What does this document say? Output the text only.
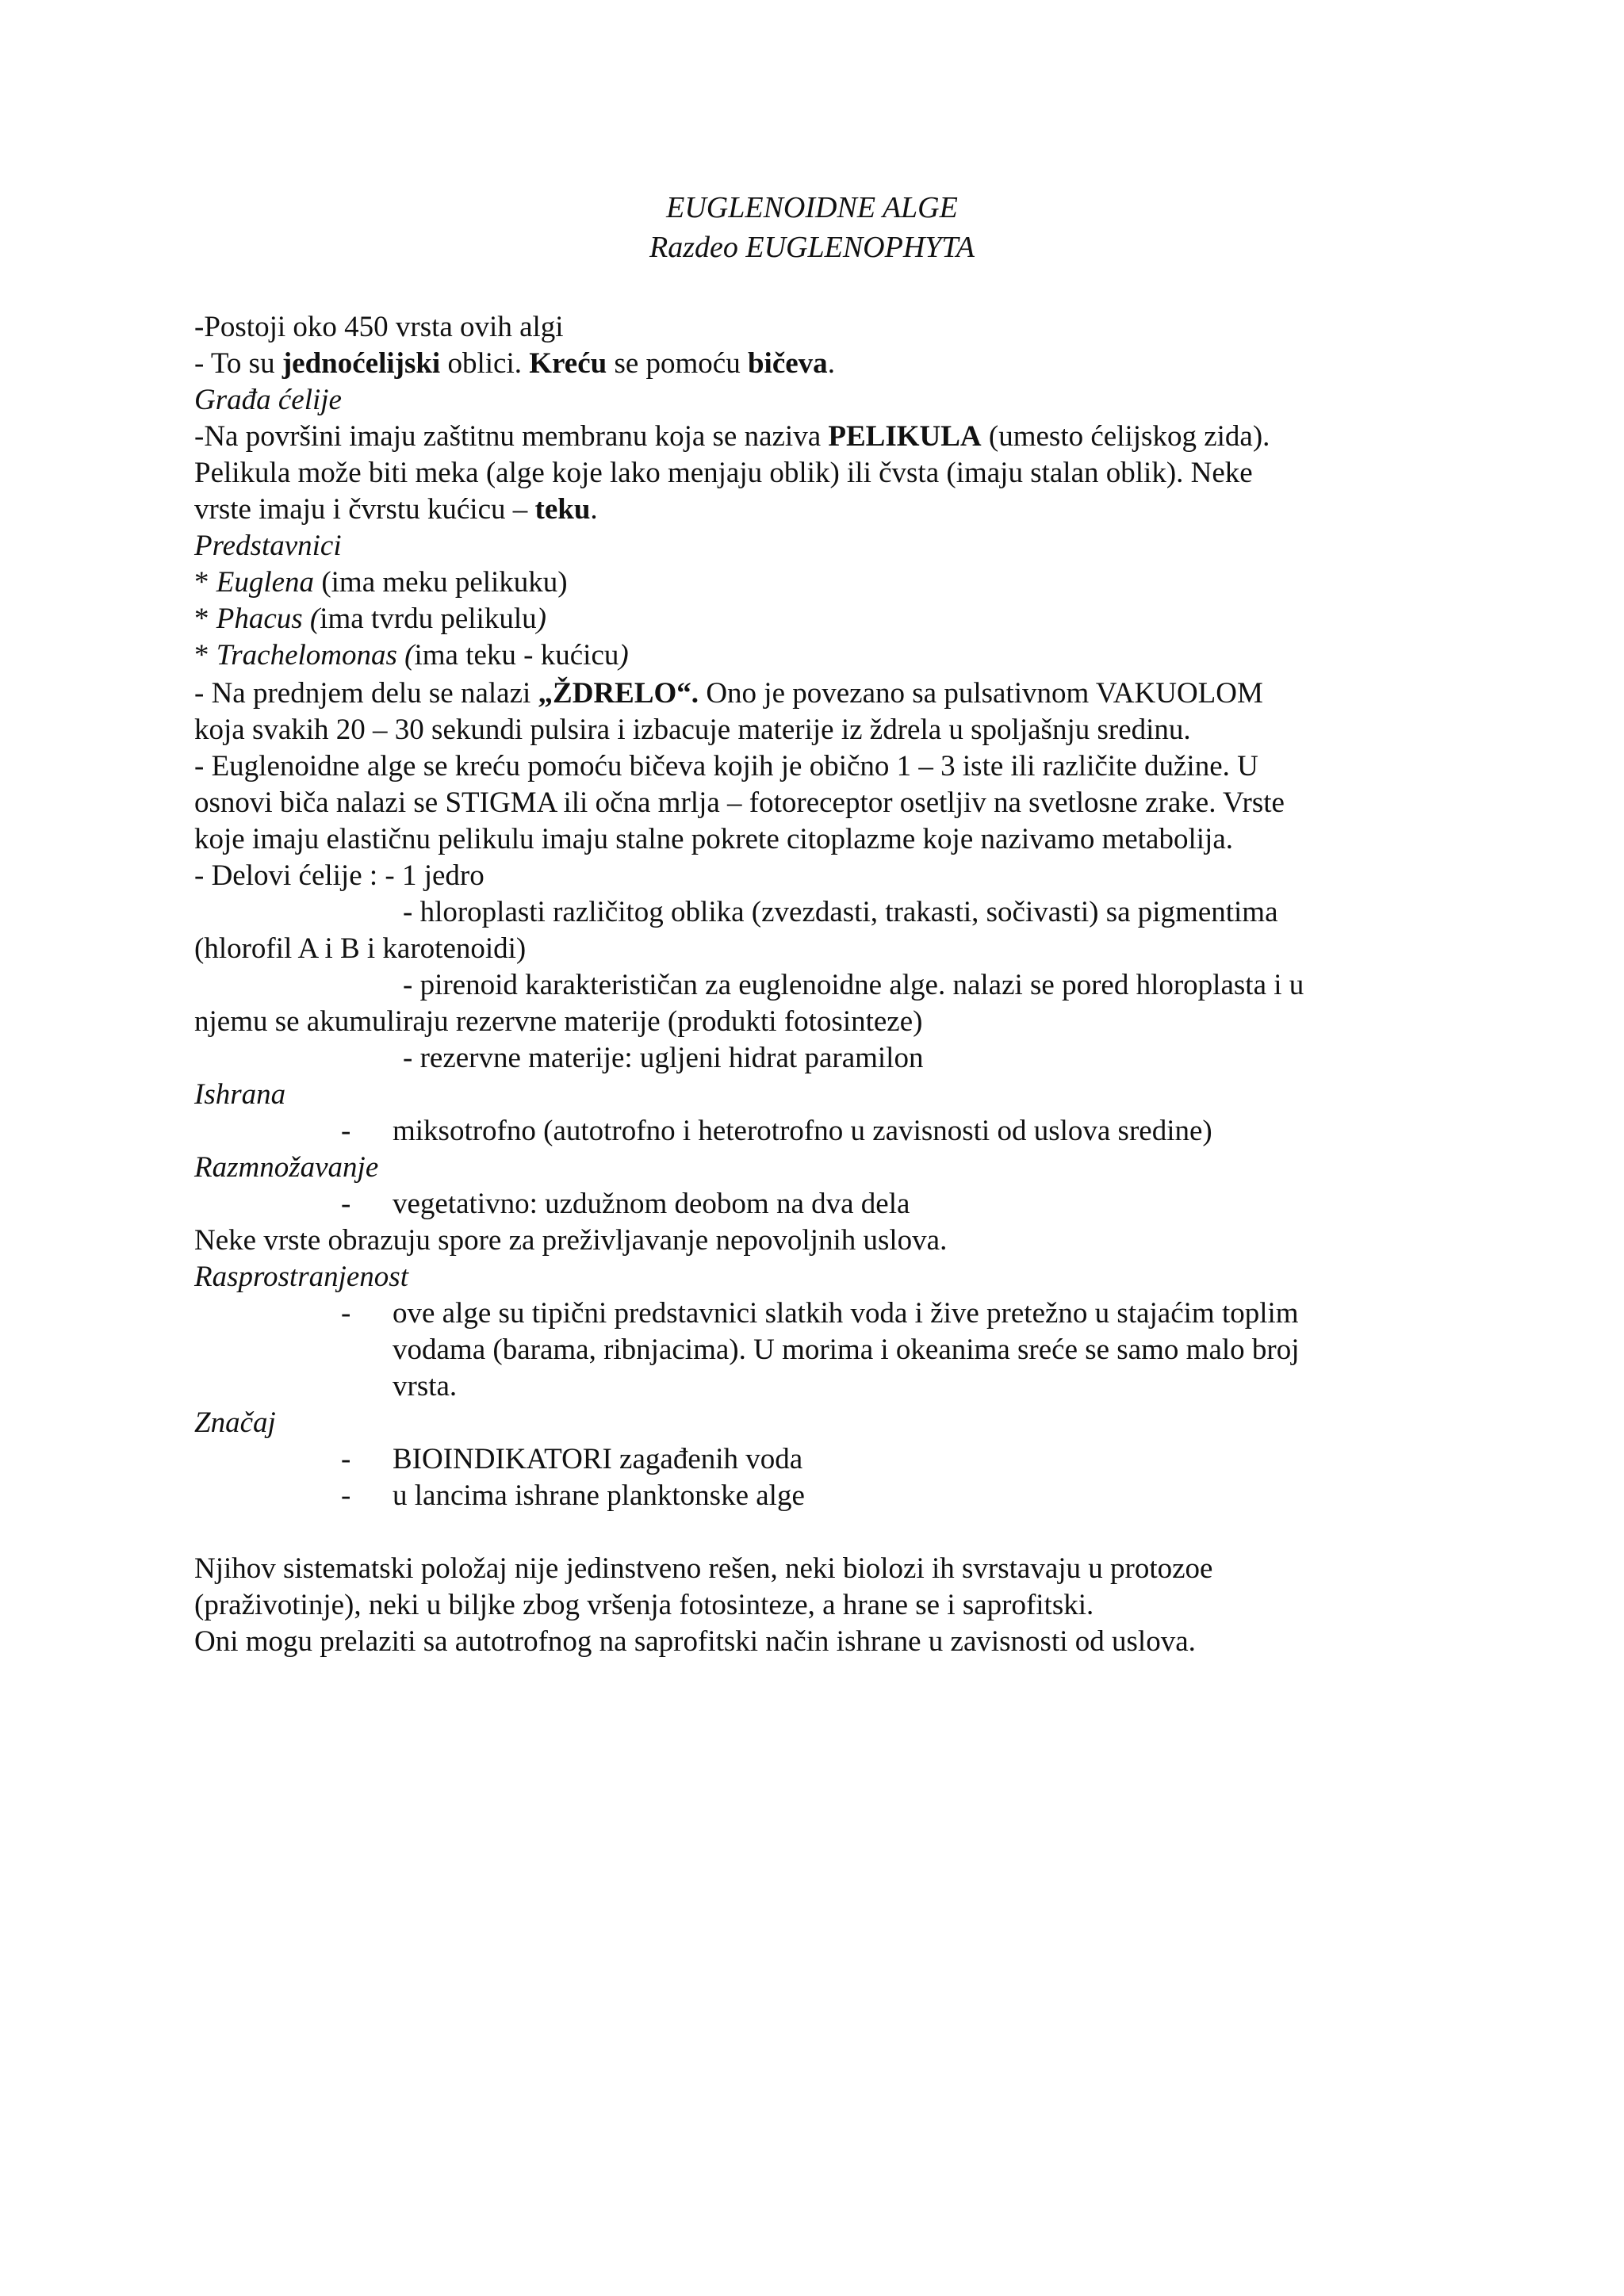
EUGLENOIDNE ALGE
Razdeo EUGLENOPHYTA
-Postoji oko 450 vrsta ovih algi
- To su jednoćelijski oblici. Kreću se pomoću bičeva.
Građa ćelije
-Na površini imaju zaštitnu membranu koja se naziva PELIKULA (umesto ćelijskog zida).
Pelikula može biti meka (alge koje lako menjaju oblik) ili čvsta (imaju stalan oblik). Neke
vrste imaju i čvrstu kućicu – teku.
Predstavnici
* Euglena (ima meku pelikuku)
* Phacus (ima tvrdu pelikulu)
* Trachelomonas (ima teku - kućicu)
- Na prednjem delu se nalazi „ŽDRELO“. Ono je povezano sa pulsativnom VAKUOLOM
koja svakih 20 – 30 sekundi pulsira i izbacuje materije iz ždrela u spoljašnju sredinu.
- Euglenoidne alge se kreću pomoću bičeva kojih je obično 1 – 3 iste ili različite dužine. U
osnovi biča nalazi se STIGMA ili očna mrlja – fotoreceptor osetljiv na svetlosne zrake. Vrste
koje imaju elastičnu pelikulu imaju stalne pokrete citoplazme koje nazivamo metabolija.
- Delovi ćelije : - 1 jedro
- hloroplasti različitog oblika (zvezdasti, trakasti, sočivasti) sa pigmentima
(hlorofil A i B i karotenoidi)
- pirenoid karakterističan za euglenoidne alge. nalazi se pored hloroplasta i u
njemu se akumuliraju rezervne materije (produkti fotosinteze)
- rezervne materije: ugljeni hidrat paramilon
Ishrana
- miksotrofno (autotrofno i heterotrofno u zavisnosti od uslova sredine)
Razmnožavanje
- vegetativno: uzdužnom deobom na dva dela
Neke vrste obrazuju spore za preživljavanje nepovoljnih uslova.
Rasprostranjenost
- ove alge su tipični predstavnici slatkih voda i žive pretežno u stajaćim toplim
vodama (barama, ribnjacima). U morima i okeanima sreće se samo malo broj
vrsta.
Značaj
- BIOINDIKATORI zagađenih voda
- u lancima ishrane planktonske alge
Njihov sistematski položaj nije jedinstveno rešen, neki biolozi ih svrstavaju u protozoe
(praživotinje), neki u biljke zbog vršenja fotosinteze, a hrane se i saprofitski.
Oni mogu prelaziti sa autotrofnog na saprofitski način ishrane u zavisnosti od uslova.
